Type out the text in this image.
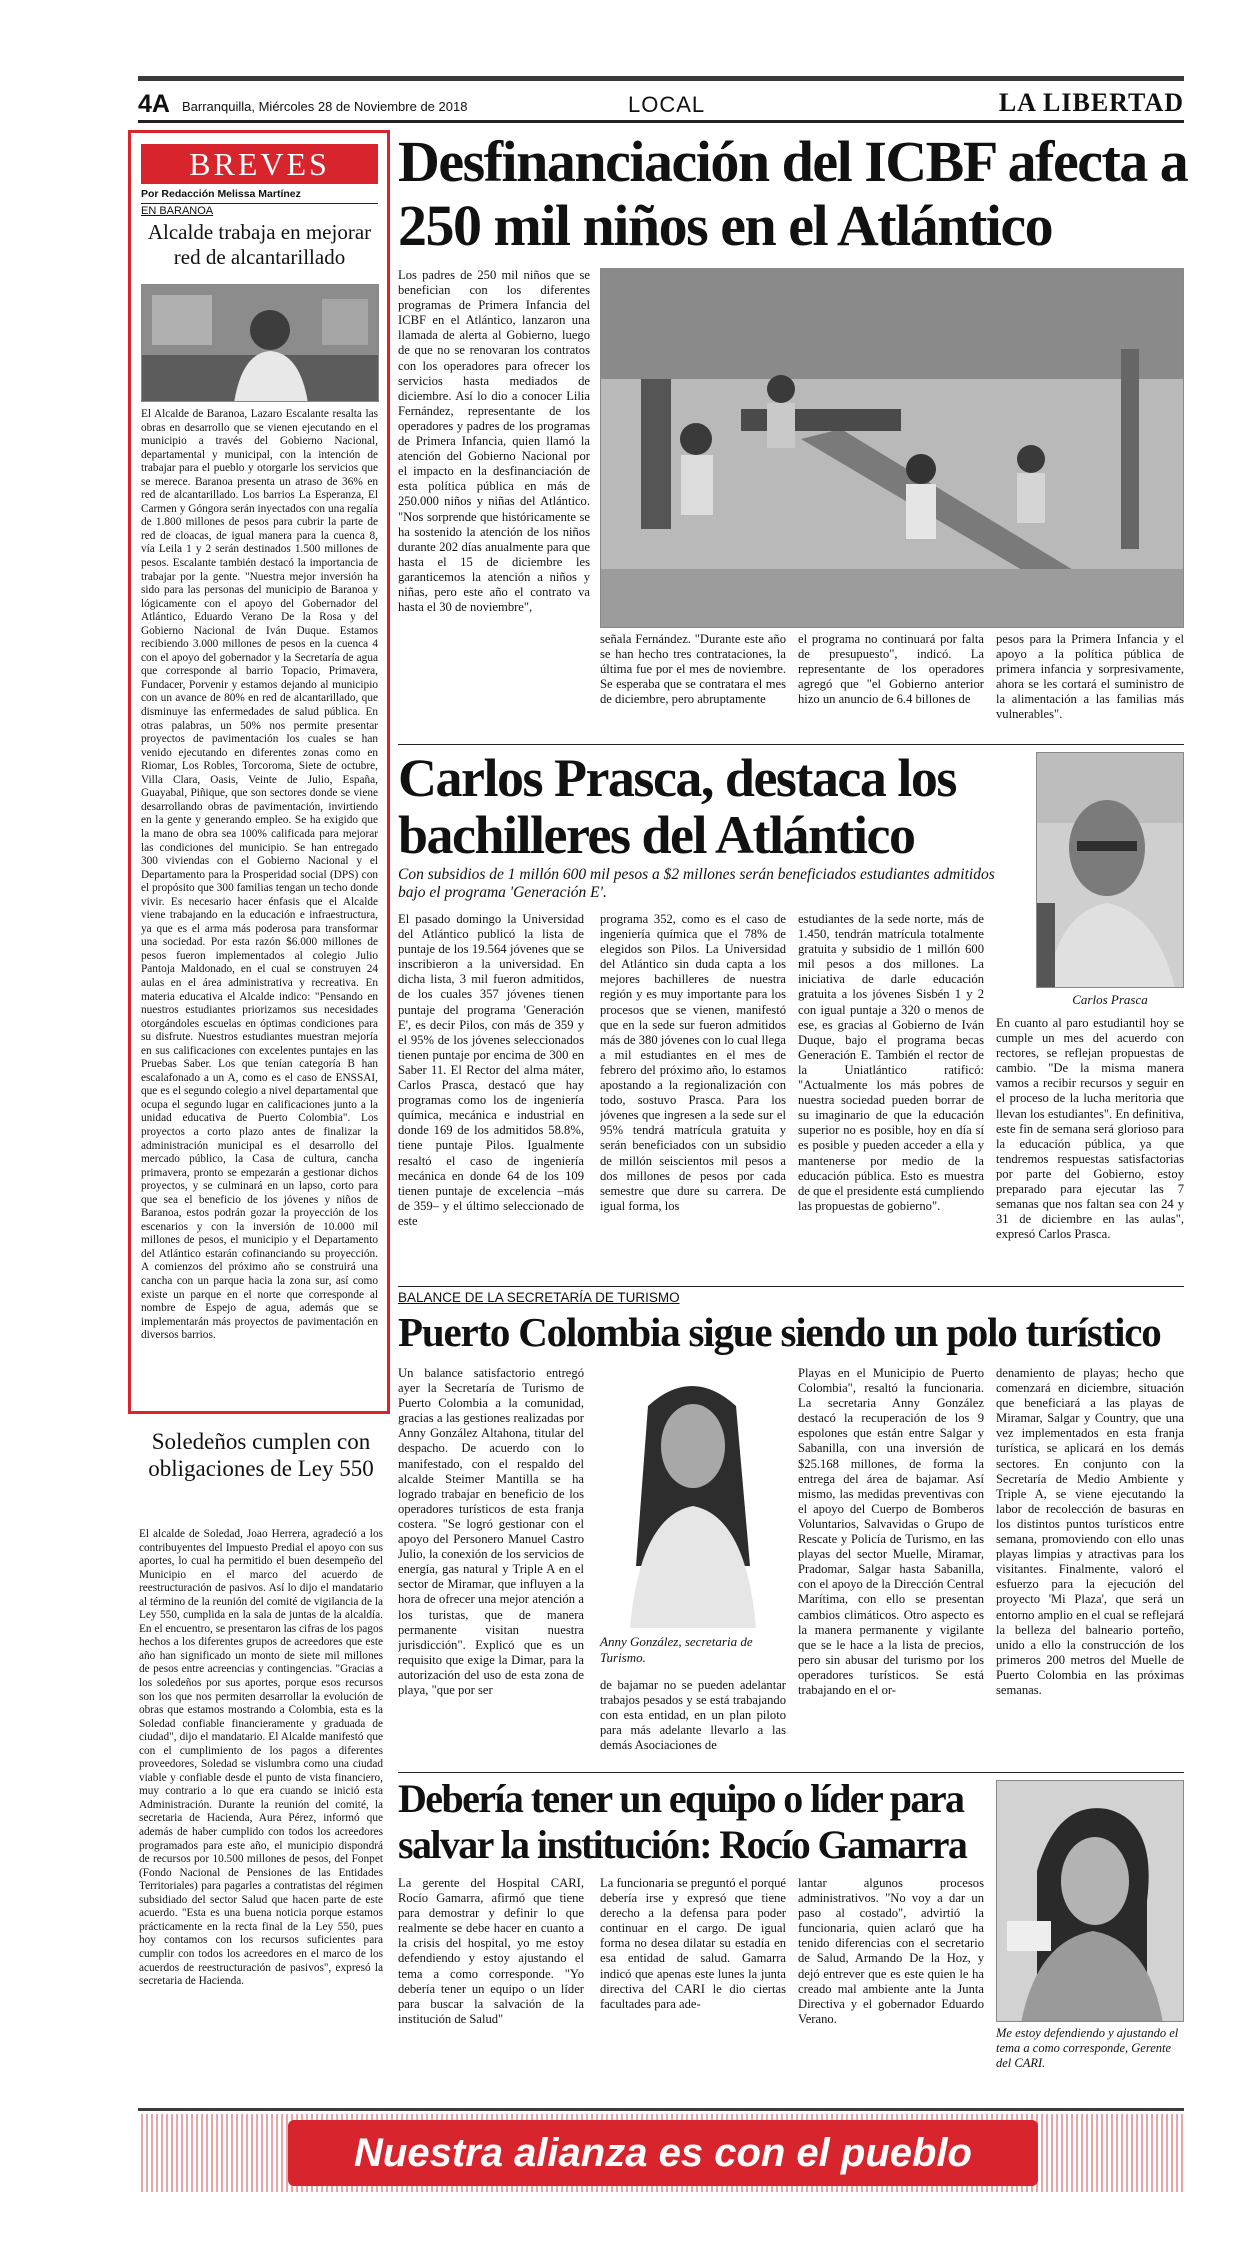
4A Barranquilla, Miércoles 28 de Noviembre de 2018	LOCAL	LA LIBERTAD
BREVES
Por Redacción Melissa Martínez
EN BARANOA
Alcalde trabaja en mejorar red de alcantarillado
El Alcalde de Baranoa, Lazaro Escalante resalta las obras en desarrollo que se vienen ejecutando en el municipio a través del Gobierno Nacional, departamental y municipal, con la intención de trabajar para el pueblo y otorgarle los servicios que se merece. Baranoa presenta un atraso de 36% en red de alcantarillado. Los barrios La Esperanza, El Carmen y Góngora serán inyectados con una regalía de 1.800 millones de pesos para cubrir la parte de red de cloacas, de igual manera para la cuenca 8, vía Leila 1 y 2 serán destinados 1.500 millones de pesos. Escalante también destacó la importancia de trabajar por la gente. "Nuestra mejor inversión ha sido para las personas del municipio de Baranoa y lógicamente con el apoyo del Gobernador del Atlántico, Eduardo Verano De la Rosa y del Gobierno Nacional de Iván Duque. Estamos recibiendo 3.000 millones de pesos en la cuenca 4 con el apoyo del gobernador y la Secretaría de agua que corresponde al barrio Topacio, Primavera, Fundacer, Porvenir y estamos dejando al municipio con un avance de 80% en red de alcantarillado, que disminuye las enfermedades de salud pública. En otras palabras, un 50% nos permite presentar proyectos de pavimentación los cuales se han venido ejecutando en diferentes zonas como en Riomar, Los Robles, Torcoroma, Siete de octubre, Villa Clara, Oasis, Veinte de Julio, España, Guayabal, Piñique, que son sectores donde se viene desarrollando obras de pavimentación, invirtiendo en la gente y generando empleo. Se ha exigido que la mano de obra sea 100% calificada para mejorar las condiciones del municipio. Se han entregado 300 viviendas con el Gobierno Nacional y el Departamento para la Prosperidad social (DPS) con el propósito que 300 familias tengan un techo donde vivir. Es necesario hacer énfasis que el Alcalde viene trabajando en la educación e infraestructura, ya que es el arma más poderosa para transformar una sociedad. Por esta razón $6.000 millones de pesos fueron implementados al colegio Julio Pantoja Maldonado, en el cual se construyen 24 aulas en el área administrativa y recreativa. En materia educativa el Alcalde indico: "Pensando en nuestros estudiantes priorizamos sus necesidades otorgándoles escuelas en óptimas condiciones para su disfrute. Nuestros estudiantes muestran mejoría en sus calificaciones con excelentes puntajes en las Pruebas Saber. Los que tenían categoría B han escalafonado a un A, como es el caso de ENSSAI, que es el segundo colegio a nivel departamental que ocupa el segundo lugar en calificaciones junto a la unidad educativa de Puerto Colombia". Los proyectos a corto plazo antes de finalizar la administración municipal es el desarrollo del mercado público, la Casa de cultura, cancha primavera, pronto se empezarán a gestionar dichos proyectos, y se culminará en un lapso, corto para que sea el beneficio de los jóvenes y niños de Baranoa, estos podrán gozar la proyección de los escenarios y con la inversión de 10.000 mil millones de pesos, el municipio y el Departamento del Atlántico estarán cofinanciando su proyección. A comienzos del próximo año se construirá una cancha con un parque hacia la zona sur, así como existe un parque en el norte que corresponde al nombre de Espejo de agua, además que se implementarán más proyectos de pavimentación en diversos barrios.
Soledeños cumplen con obligaciones de Ley 550
El alcalde de Soledad, Joao Herrera, agradeció a los contribuyentes del Impuesto Predial el apoyo con sus aportes, lo cual ha permitido el buen desempeño del Municipio en el marco del acuerdo de reestructuración de pasivos. Así lo dijo el mandatario al término de la reunión del comité de vigilancia de la Ley 550, cumplida en la sala de juntas de la alcaldía. En el encuentro, se presentaron las cifras de los pagos hechos a los diferentes grupos de acreedores que este año han significado un monto de siete mil millones de pesos entre acreencias y contingencias. "Gracias a los soledeños por sus aportes, porque esos recursos son los que nos permiten desarrollar la evolución de obras que estamos mostrando a Colombia, esta es la Soledad confiable financieramente y graduada de ciudad", dijo el mandatario. El Alcalde manifestó que con el cumplimiento de los pagos a diferentes proveedores, Soledad se vislumbra como una ciudad viable y confiable desde el punto de vista financiero, muy contrario a lo que era cuando se inició esta Administración. Durante la reunión del comité, la secretaria de Hacienda, Aura Pérez, informó que además de haber cumplido con todos los acreedores programados para este año, el municipio dispondrá de recursos por 10.500 millones de pesos, del Fonpet (Fondo Nacional de Pensiones de las Entidades Territoriales) para pagarles a contratistas del régimen subsidiado del sector Salud que hacen parte de este acuerdo. "Esta es una buena noticia porque estamos prácticamente en la recta final de la Ley 550, pues hoy contamos con los recursos suficientes para cumplir con todos los acreedores en el marco de los acuerdos de reestructuración de pasivos", expresó la secretaria de Hacienda.
Desfinanciación del ICBF afecta a 250 mil niños en el Atlántico
Los padres de 250 mil niños que se benefician con los diferentes programas de Primera Infancia del ICBF en el Atlántico, lanzaron una llamada de alerta al Gobierno, luego de que no se renovaran los contratos con los operadores para ofrecer los servicios hasta mediados de diciembre. Así lo dio a conocer Lilia Fernández, representante de los operadores y padres de los programas de Primera Infancia, quien llamó la atención del Gobierno Nacional por el impacto en la desfinanciación de esta política pública en más de 250.000 niños y niñas del Atlántico. "Nos sorprende que históricamente se ha sostenido la atención de los niños durante 202 días anualmente para que hasta el 15 de diciembre les garanticemos la atención a niños y niñas, pero este año el contrato va hasta el 30 de noviembre",
señala Fernández. "Durante este año se han hecho tres contrataciones, la última fue por el mes de noviembre. Se esperaba que se contratara el mes de diciembre, pero abruptamente
el programa no continuará por falta de presupuesto", indicó. La representante de los operadores agregó que "el Gobierno anterior hizo un anuncio de 6.4 billones de
pesos para la Primera Infancia y el apoyo a la política pública de primera infancia y sorpresivamente, ahora se les cortará el suministro de la alimentación a las familias más vulnerables".
Carlos Prasca, destaca los bachilleres del Atlántico
Con subsidios de 1 millón 600 mil pesos a $2 millones serán beneficiados estudiantes admitidos bajo el programa 'Generación E'.
Carlos Prasca
El pasado domingo la Universidad del Atlántico publicó la lista de puntaje de los 19.564 jóvenes que se inscribieron a la universidad. En dicha lista, 3 mil fueron admitidos, de los cuales 357 jóvenes tienen puntaje del programa 'Generación E', es decir Pilos, con más de 359 y el 95% de los jóvenes seleccionados tienen puntaje por encima de 300 en Saber 11. El Rector del alma máter, Carlos Prasca, destacó que hay programas como los de ingeniería química, mecánica e industrial en donde 169 de los admitidos 58.8%, tiene puntaje Pilos. Igualmente resaltó el caso de ingeniería mecánica en donde 64 de los 109 tienen puntaje de excelencia –más de 359– y el último seleccionado de este
programa 352, como es el caso de ingeniería química que el 78% de elegidos son Pilos. La Universidad del Atlántico sin duda capta a los mejores bachilleres de nuestra región y es muy importante para los procesos que se vienen, manifestó que en la sede sur fueron admitidos más de 380 jóvenes con lo cual llega a mil estudiantes en el mes de febrero del próximo año, lo estamos apostando a la regionalización con todo, sostuvo Prasca. Para los jóvenes que ingresen a la sede sur el 95% tendrá matrícula gratuita y serán beneficiados con un subsidio de millón seiscientos mil pesos a dos millones de pesos por cada semestre que dure su carrera. De igual forma, los
estudiantes de la sede norte, más de 1.450, tendrán matrícula totalmente gratuita y subsidio de 1 millón 600 mil pesos a dos millones. La iniciativa de darle educación gratuita a los jóvenes Sisbén 1 y 2 con igual puntaje a 320 o menos de ese, es gracias al Gobierno de Iván Duque, bajo el programa becas Generación E. También el rector de la Uniatlántico ratificó: "Actualmente los más pobres de nuestra sociedad pueden borrar de su imaginario de que la educación superior no es posible, hoy en día sí es posible y pueden acceder a ella y mantenerse por medio de la educación pública. Esto es muestra de que el presidente está cumpliendo las propuestas de gobierno".
En cuanto al paro estudiantil hoy se cumple un mes del acuerdo con rectores, se reflejan propuestas de cambio. "De la misma manera vamos a recibir recursos y seguir en el proceso de la lucha meritoria que llevan los estudiantes". En definitiva, este fin de semana será glorioso para la educación pública, ya que tendremos respuestas satisfactorias por parte del Gobierno, estoy preparado para ejecutar las 7 semanas que nos faltan sea con 24 y 31 de diciembre en las aulas", expresó Carlos Prasca.
BALANCE DE LA SECRETARÍA DE TURISMO
Puerto Colombia sigue siendo un polo turístico
Un balance satisfactorio entregó ayer la Secretaría de Turismo de Puerto Colombia a la comunidad, gracias a las gestiones realizadas por Anny González Altahona, titular del despacho. De acuerdo con lo manifestado, con el respaldo del alcalde Steimer Mantilla se ha logrado trabajar en beneficio de los operadores turísticos de esta franja costera. "Se logró gestionar con el apoyo del Personero Manuel Castro Julio, la conexión de los servicios de energía, gas natural y Triple A en el sector de Miramar, que influyen a la hora de ofrecer una mejor atención a los turistas, que de manera permanente visitan nuestra jurisdicción". Explicó que es un requisito que exige la Dimar, para la autorización del uso de esta zona de playa, "que por ser
Anny González, secretaria de Turismo.
de bajamar no se pueden adelantar trabajos pesados y se está trabajando con esta entidad, en un plan piloto para más adelante llevarlo a las demás Asociaciones de
Playas en el Municipio de Puerto Colombia", resaltó la funcionaria. La secretaria Anny González destacó la recuperación de los 9 espolones que están entre Salgar y Sabanilla, con una inversión de $25.168 millones, de forma la entrega del área de bajamar. Así mismo, las medidas preventivas con el apoyo del Cuerpo de Bomberos Voluntarios, Salvavidas o Grupo de Rescate y Policía de Turismo, en las playas del sector Muelle, Miramar, Pradomar, Salgar hasta Sabanilla, con el apoyo de la Dirección Central Marítima, con ello se presentan cambios climáticos. Otro aspecto es la manera permanente y vigilante que se le hace a la lista de precios, pero sin abusar del turismo por los operadores turísticos. Se está trabajando en el or-
denamiento de playas; hecho que comenzará en diciembre, situación que beneficiará a las playas de Miramar, Salgar y Country, que una vez implementados en esta franja turística, se aplicará en los demás sectores. En conjunto con la Secretaría de Medio Ambiente y Triple A, se viene ejecutando la labor de recolección de basuras en los distintos puntos turísticos entre semana, promoviendo con ello unas playas limpias y atractivas para los visitantes. Finalmente, valoró el esfuerzo para la ejecución del proyecto 'Mi Plaza', que será un entorno amplio en el cual se reflejará la belleza del balneario porteño, unido a ello la construcción de los primeros 200 metros del Muelle de Puerto Colombia en las próximas semanas.
Debería tener un equipo o líder para salvar la institución: Rocío Gamarra
Me estoy defendiendo y ajustando el tema a como corresponde, Gerente del CARI.
La gerente del Hospital CARI, Rocío Gamarra, afirmó que tiene para demostrar y definir lo que realmente se debe hacer en cuanto a la crisis del hospital, yo me estoy defendiendo y estoy ajustando el tema a como corresponde. "Yo debería tener un equipo o un líder para buscar la salvación de la institución de Salud"
La funcionaria se preguntó el porqué debería irse y expresó que tiene derecho a la defensa para poder continuar en el cargo. De igual forma no desea dilatar su estadía en esa entidad de salud. Gamarra indicó que apenas este lunes la junta directiva del CARI le dio ciertas facultades para ade-
lantar algunos procesos administrativos. "No voy a dar un paso al costado", advirtió la funcionaria, quien aclaró que ha tenido diferencias con el secretario de Salud, Armando De la Hoz, y dejó entrever que es este quien le ha creado mal ambiente ante la Junta Directiva y el gobernador Eduardo Verano.
Nuestra alianza es con el pueblo
